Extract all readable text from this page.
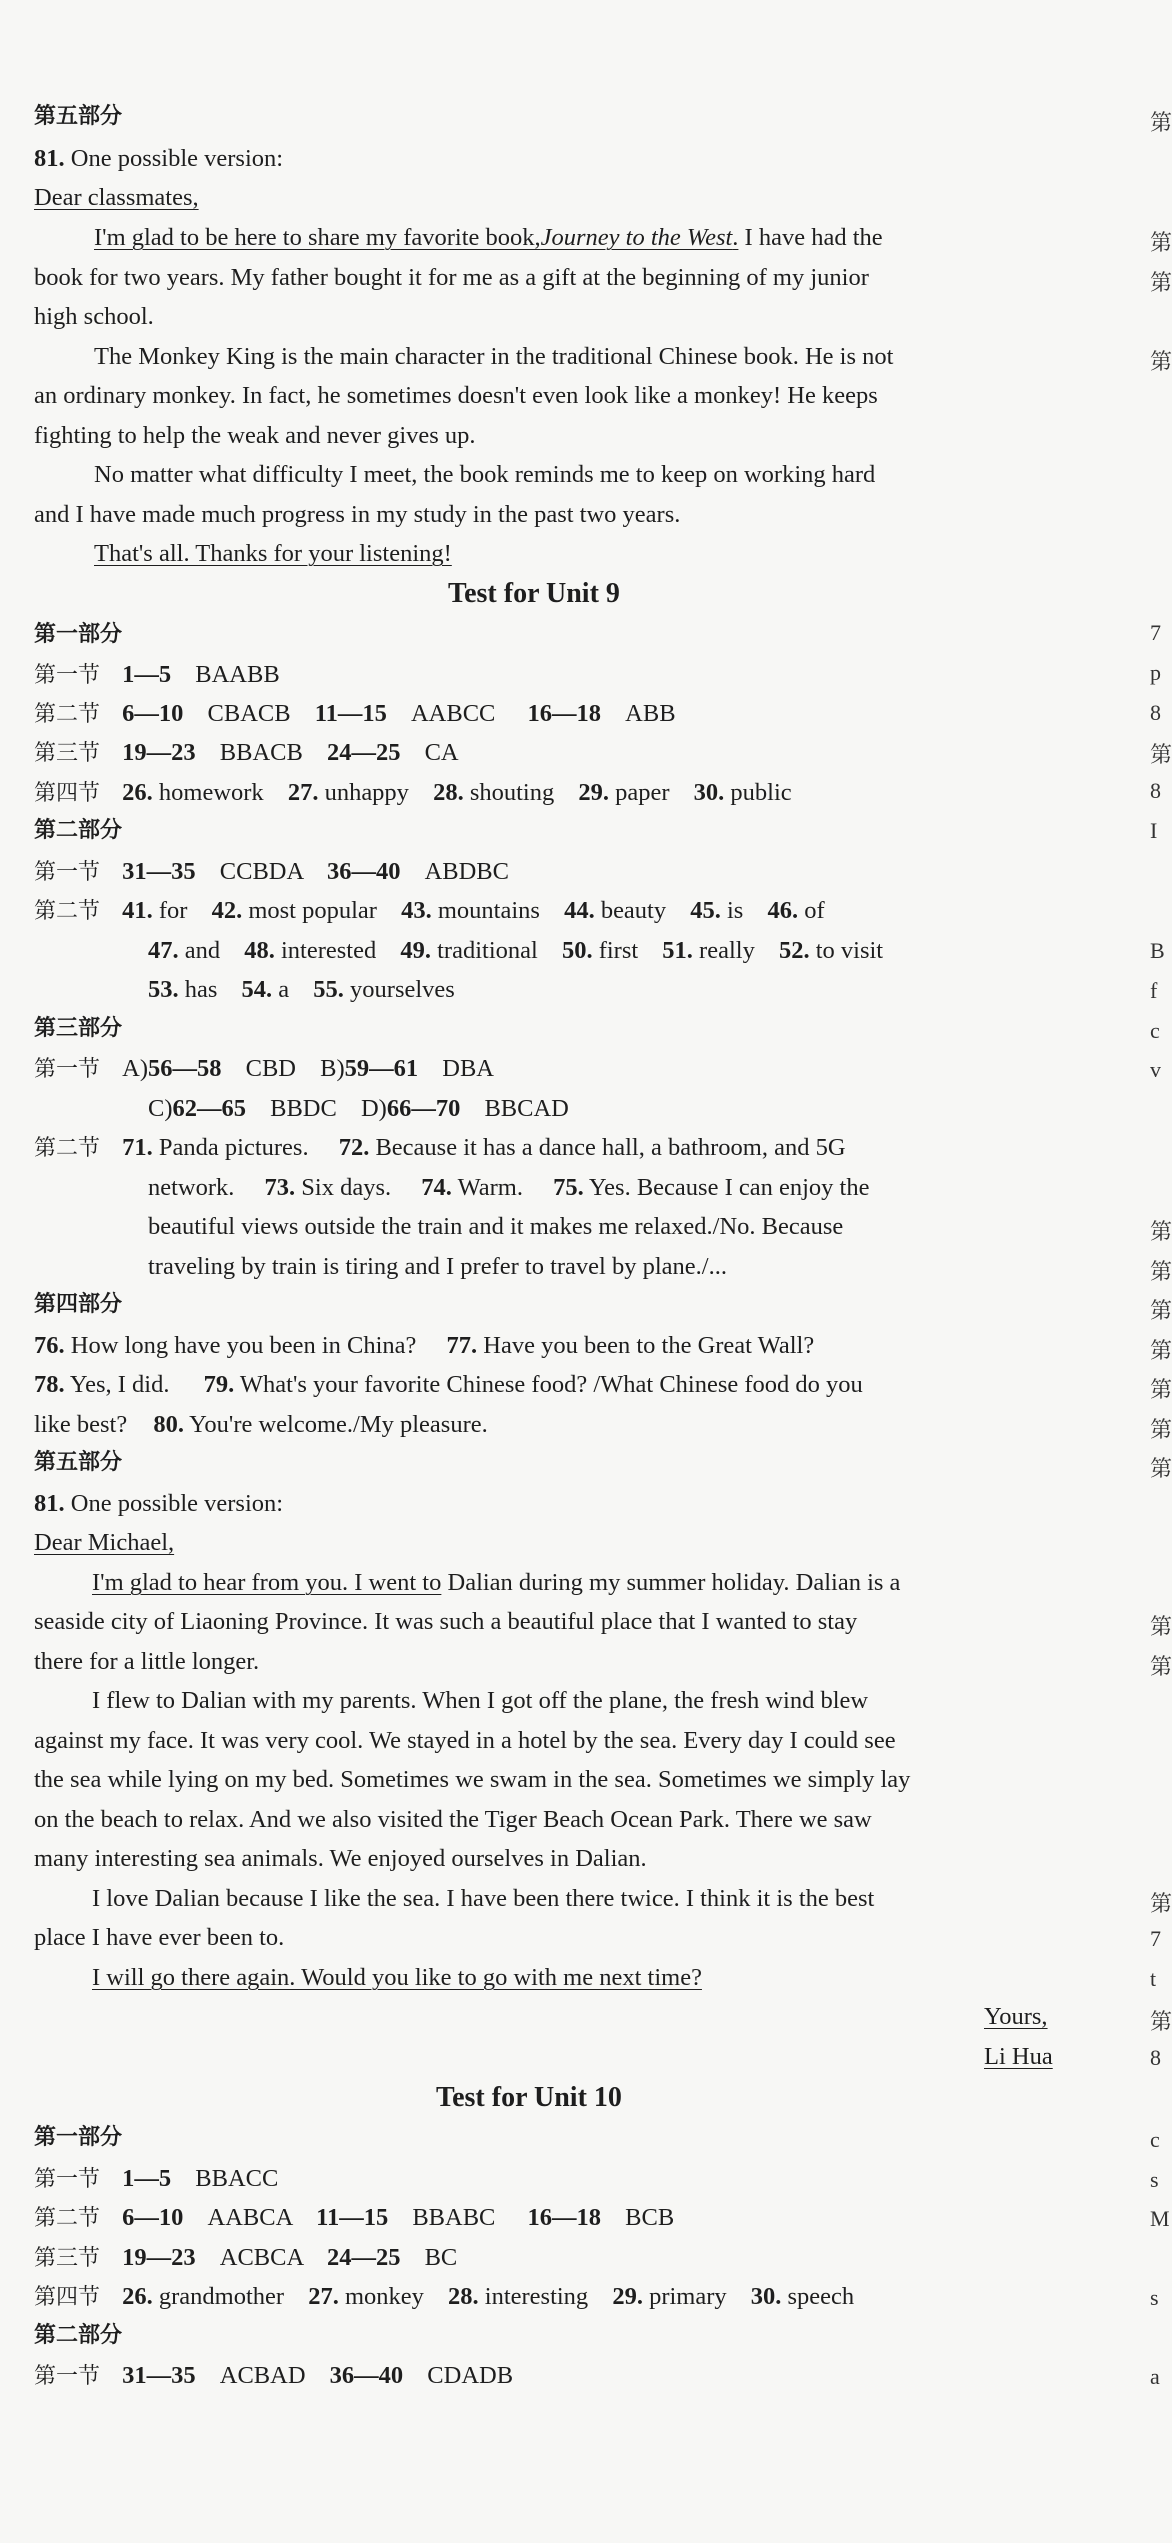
第五部分
81. One possible version:
Dear classmates,
I'm glad to be here to share my favorite book,Journey to the West. I have had the
book for two years. My father bought it for me as a gift at the beginning of my junior
high school.
The Monkey King is the main character in the traditional Chinese book. He is not
an ordinary monkey. In fact, he sometimes doesn't even look like a monkey! He keeps
fighting to help the weak and never gives up.
No matter what difficulty I meet, the book reminds me to keep on working hard
and I have made much progress in my study in the past two years.
That's all. Thanks for your listening!
Test for Unit 9
第一部分
第一节 1—5 BAABB
第二节 6—10 CBACB 11—15 AABCC 16—18 ABB
第三节 19—23 BBACB 24—25 CA
第四节 26. homework 27. unhappy 28. shouting 29. paper 30. public
第二部分
第一节 31—35 CCBDA 36—40 ABDBC
第二节 41. for 42. most popular 43. mountains 44. beauty 45. is 46. of
47. and 48. interested 49. traditional 50. first 51. really 52. to visit
53. has 54. a 55. yourselves
第三部分
第一节 A)56—58 CBD B)59—61 DBA
C)62—65 BBDC D)66—70 BBCAD
第二节 71. Panda pictures. 72. Because it has a dance hall, a bathroom, and 5G
network. 73. Six days. 74. Warm. 75. Yes. Because I can enjoy the
beautiful views outside the train and it makes me relaxed./No. Because
traveling by train is tiring and I prefer to travel by plane./...
第四部分
76. How long have you been in China? 77. Have you been to the Great Wall?
78. Yes, I did. 79. What's your favorite Chinese food? /What Chinese food do you
like best? 80. You're welcome./My pleasure.
第五部分
81. One possible version:
Dear Michael,
I'm glad to hear from you. I went to Dalian during my summer holiday. Dalian is a
seaside city of Liaoning Province. It was such a beautiful place that I wanted to stay
there for a little longer.
I flew to Dalian with my parents. When I got off the plane, the fresh wind blew
against my face. It was very cool. We stayed in a hotel by the sea. Every day I could see
the sea while lying on my bed. Sometimes we swam in the sea. Sometimes we simply lay
on the beach to relax. And we also visited the Tiger Beach Ocean Park. There we saw
many interesting sea animals. We enjoyed ourselves in Dalian.
I love Dalian because I like the sea. I have been there twice. I think it is the best
place I have ever been to.
I will go there again. Would you like to go with me next time?
Yours,
Li Hua
Test for Unit 10
第一部分
第一节 1—5 BBACC
第二节 6—10 AABCA 11—15 BBABC 16—18 BCB
第三节 19—23 ACBCA 24—25 BC
第四节 26. grandmother 27. monkey 28. interesting 29. primary 30. speech
第二部分
第一节 31—35 ACBAD 36—40 CDADB
第
第
第
第
7
p
8
第
8
I
B
f
c
v
第
第
第
第
第
第
第
第
第
第
7
t
第
8
c
s
M
s
a
